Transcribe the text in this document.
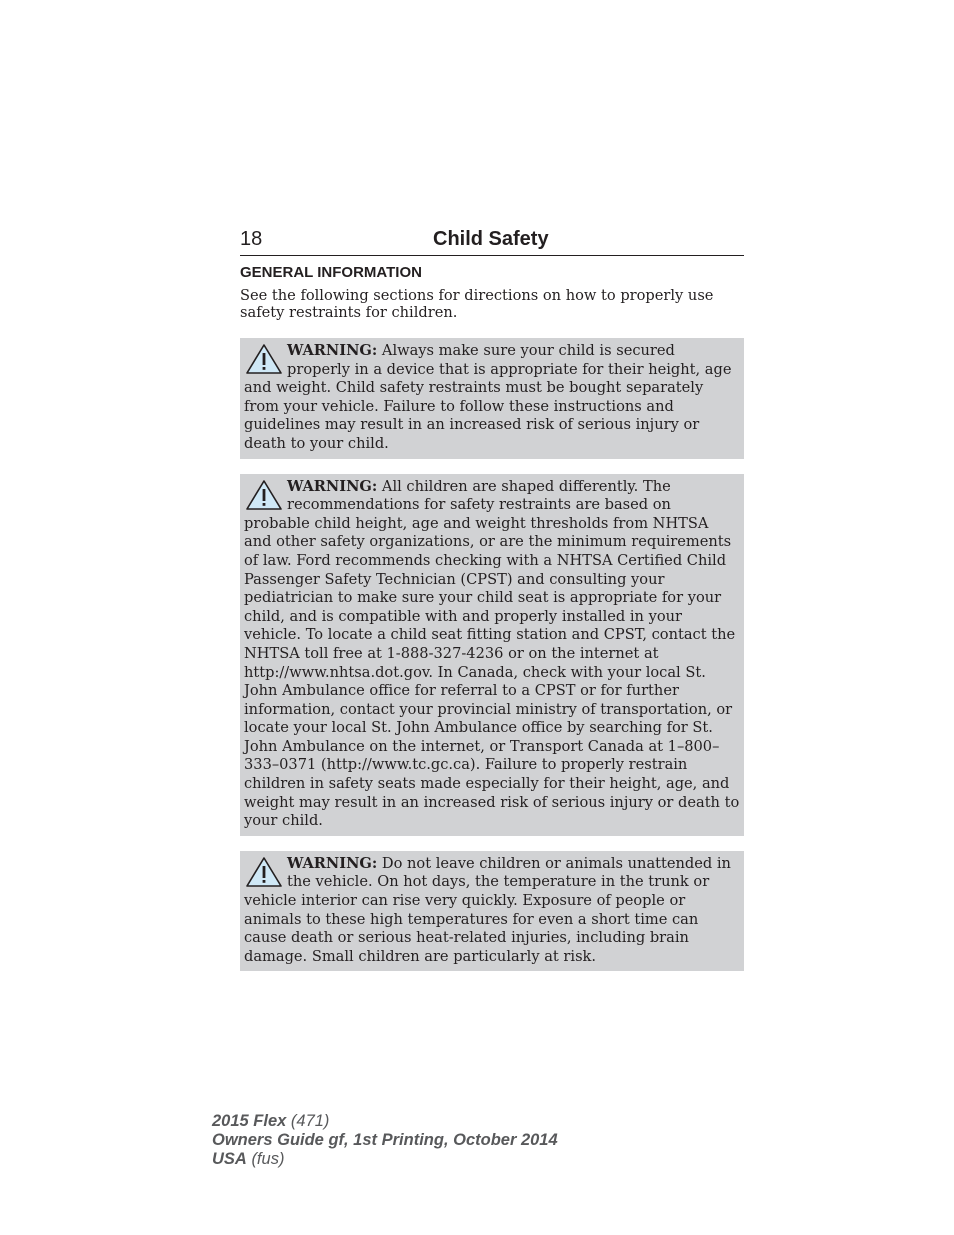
18	Child Safety
GENERAL INFORMATION

See the following sections for directions on how to properly use safety restraints for children.

WARNING: Always make sure your child is secured properly in a device that is appropriate for their height, age and weight. Child safety restraints must be bought separately from your vehicle. Failure to follow these instructions and guidelines may result in an increased risk of serious injury or death to your child.
WARNING: All children are shaped differently. The recommendations for safety restraints are based on probable child height, age and weight thresholds from NHTSA and other safety organizations, or are the minimum requirements of law. Ford recommends checking with a NHTSA Certified Child Passenger Safety Technician (CPST) and consulting your pediatrician to make sure your child seat is appropriate for your child, and is compatible with and properly installed in your vehicle. To locate a child seat fitting station and CPST, contact the NHTSA toll free at 1-888-327-4236 or on the internet at http://www.nhtsa.dot.gov. In Canada, check with your local St. John Ambulance office for referral to a CPST or for further information, contact your provincial ministry of transportation, or locate your local St. John Ambulance office by searching for St. John Ambulance on the internet, or Transport Canada at 1–800–333–0371 (http://www.tc.gc.ca). Failure to properly restrain children in safety seats made especially for their height, age, and weight may result in an increased risk of serious injury or death to your child.
WARNING: Do not leave children or animals unattended in the vehicle. On hot days, the temperature in the trunk or vehicle interior can rise very quickly. Exposure of people or animals to these high temperatures for even a short time can cause death or serious heat-related injuries, including brain damage. Small children are particularly at risk.
2015 Flex (471)
Owners Guide gf, 1st Printing, October 2014
USA (fus)
